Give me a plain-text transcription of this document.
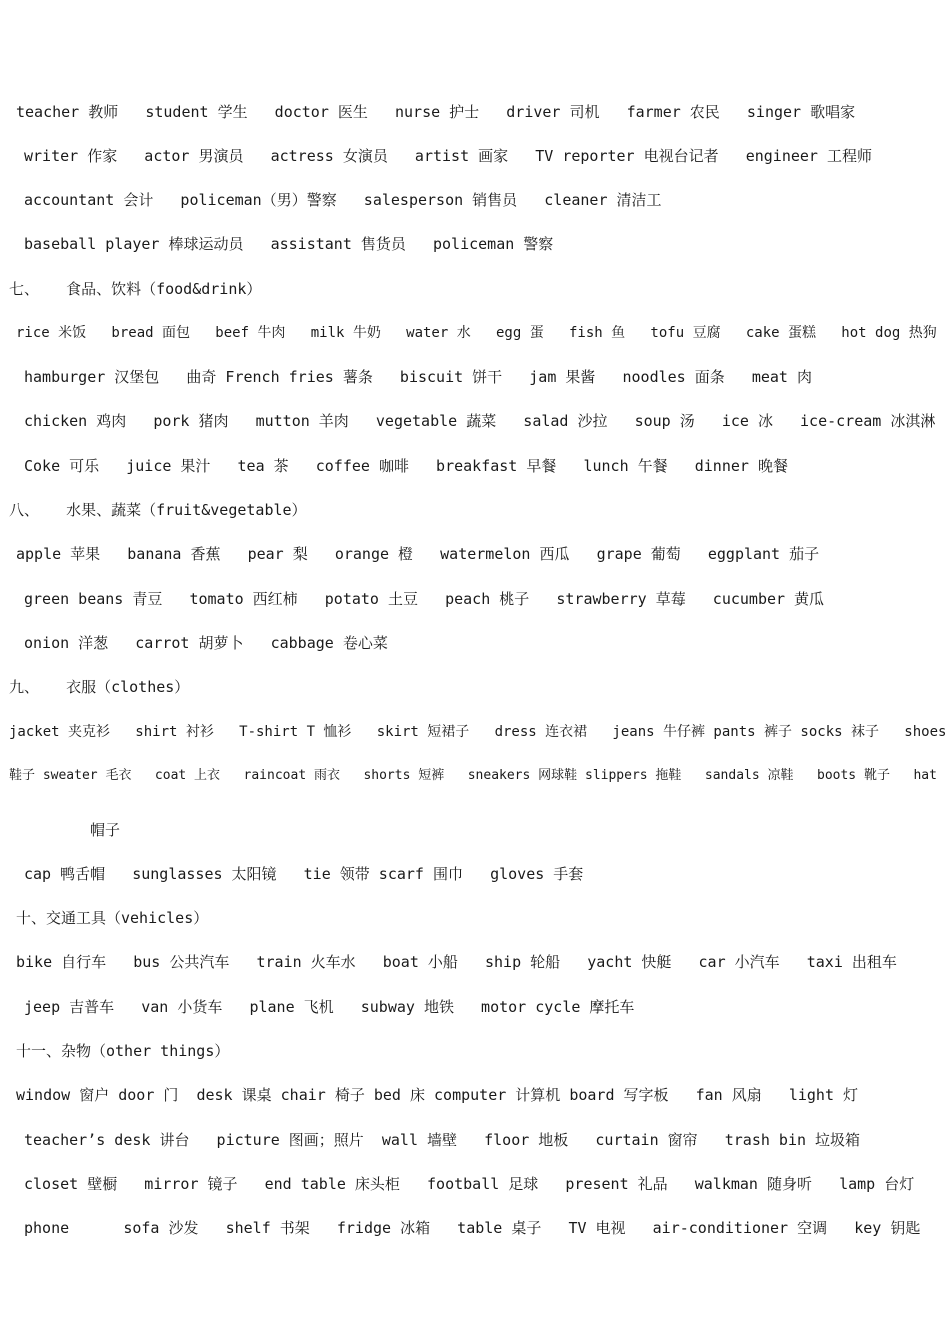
teacher 教师   student 学生   doctor 医生   nurse 护士   driver 司机   farmer 农民   singer 歌唱家
writer 作家   actor 男演员   actress 女演员   artist 画家   TV reporter 电视台记者   engineer 工程师
accountant 会计   policeman（男）警察   salesperson 销售员   cleaner 清洁工
baseball player 棒球运动员   assistant 售货员   policeman 警察
七、   食品、饮料（food&drink）
rice 米饭   bread 面包   beef 牛肉   milk 牛奶   water 水   egg 蛋   fish 鱼   tofu 豆腐   cake 蛋糕   hot dog 热狗
hamburger 汉堡包   曲奇 French fries 薯条   biscuit 饼干   jam 果酱   noodles 面条   meat 肉
chicken 鸡肉   pork 猪肉   mutton 羊肉   vegetable 蔬菜   salad 沙拉   soup 汤   ice 冰   ice-cream 冰淇淋
Coke 可乐   juice 果汁   tea 茶   coffee 咖啡   breakfast 早餐   lunch 午餐   dinner 晚餐
八、   水果、蔬菜（fruit&vegetable）
apple 苹果   banana 香蕉   pear 梨   orange 橙   watermelon 西瓜   grape 葡萄   eggplant 茄子
green beans 青豆   tomato 西红柿   potato 土豆   peach 桃子   strawberry 草莓   cucumber 黄瓜
onion 洋葱   carrot 胡萝卜   cabbage 卷心菜
九、   衣服（clothes）
jacket 夹克衫   shirt 衬衫   T-shirt T 恤衫   skirt 短裙子   dress 连衣裙   jeans 牛仔裤 pants 裤子 socks 袜子   shoes
鞋子 sweater 毛衣   coat 上衣   raincoat 雨衣   shorts 短裤   sneakers 网球鞋 slippers 拖鞋   sandals 凉鞋   boots 靴子   hat
帽子
cap 鸭舌帽   sunglasses 太阳镜   tie 领带 scarf 围巾   gloves 手套
十、交通工具（vehicles）
bike 自行车   bus 公共汽车   train 火车水   boat 小船   ship 轮船   yacht 快艇   car 小汽车   taxi 出租车
jeep 吉普车   van 小货车   plane 飞机   subway 地铁   motor cycle 摩托车
十一、杂物（other things）
window 窗户 door 门  desk 课桌 chair 椅子 bed 床 computer 计算机 board 写字板   fan 风扇   light 灯
teacher’s desk 讲台   picture 图画；照片  wall 墙壁   floor 地板   curtain 窗帘   trash bin 垃圾箱
closet 壁橱   mirror 镜子   end table 床头柜   football 足球   present 礼品   walkman 随身听   lamp 台灯
phone      sofa 沙发   shelf 书架   fridge 冰箱   table 桌子   TV 电视   air-conditioner 空调   key 钥匙
